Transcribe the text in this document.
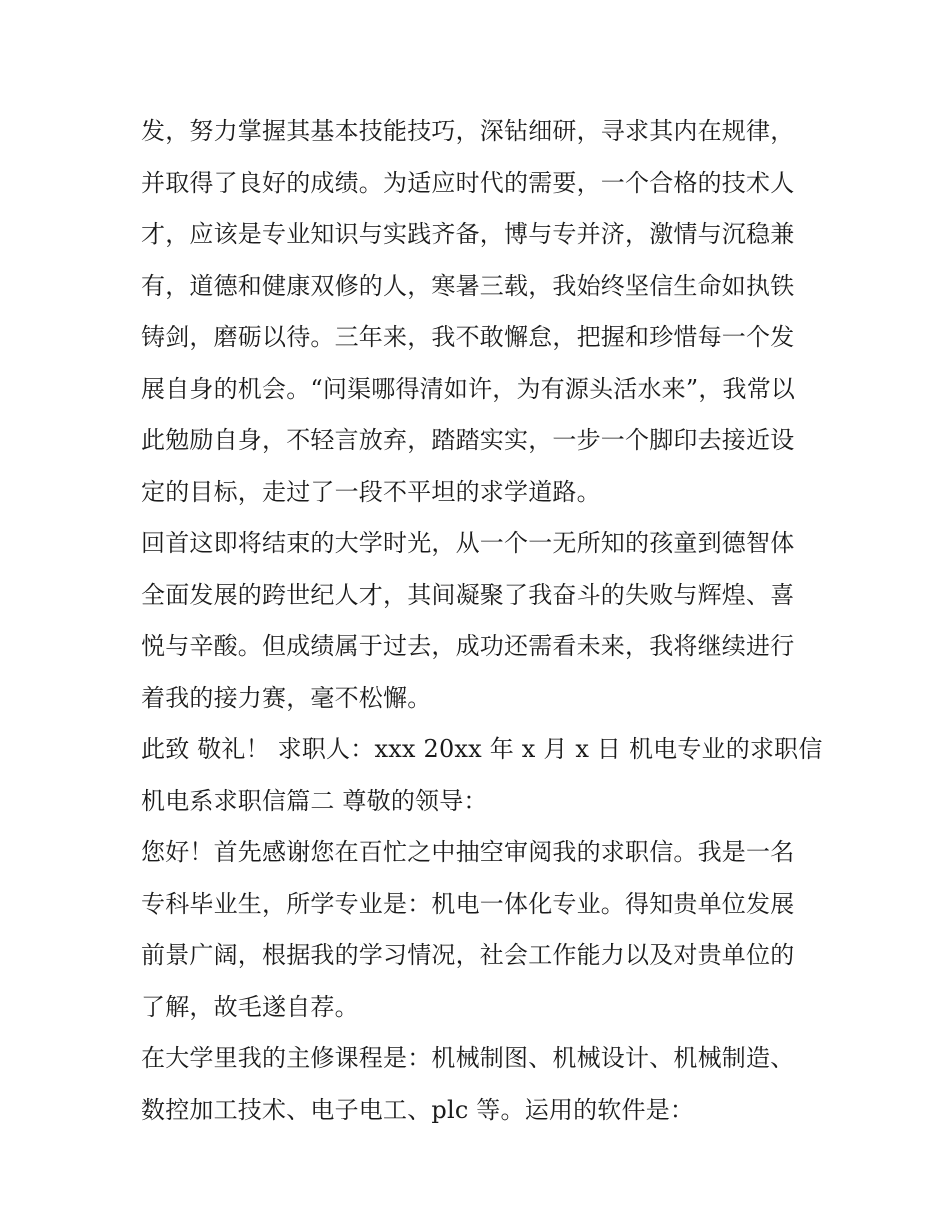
发，努力掌握其基本技能技巧，深钻细研，寻求其内在规律，
并取得了良好的成绩。为适应时代的需要，一个合格的技术人
才，应该是专业知识与实践齐备，博与专并济，激情与沉稳兼
有，道德和健康双修的人，寒暑三载，我始终坚信生命如执铁
铸剑，磨砺以待。三年来，我不敢懈怠，把握和珍惜每一个发
展自身的机会。“问渠哪得清如许，为有源头活水来”，我常以
此勉励自身，不轻言放弃，踏踏实实，一步一个脚印去接近设
定的目标，走过了一段不平坦的求学道路。
回首这即将结束的大学时光，从一个一无所知的孩童到德智体
全面发展的跨世纪人才，其间凝聚了我奋斗的失败与辉煌、喜
悦与辛酸。但成绩属于过去，成功还需看未来，我将继续进行
着我的接力赛，毫不松懈。
此致 敬礼！ 求职人：xxx 20xx 年 x 月 x 日 机电专业的求职信
机电系求职信篇二 尊敬的领导：
您好！首先感谢您在百忙之中抽空审阅我的求职信。我是一名
专科毕业生，所学专业是：机电一体化专业。得知贵单位发展
前景广阔，根据我的学习情况，社会工作能力以及对贵单位的
了解，故毛遂自荐。
在大学里我的主修课程是：机械制图、机械设计、机械制造、
数控加工技术、电子电工、plc 等。运用的软件是：
